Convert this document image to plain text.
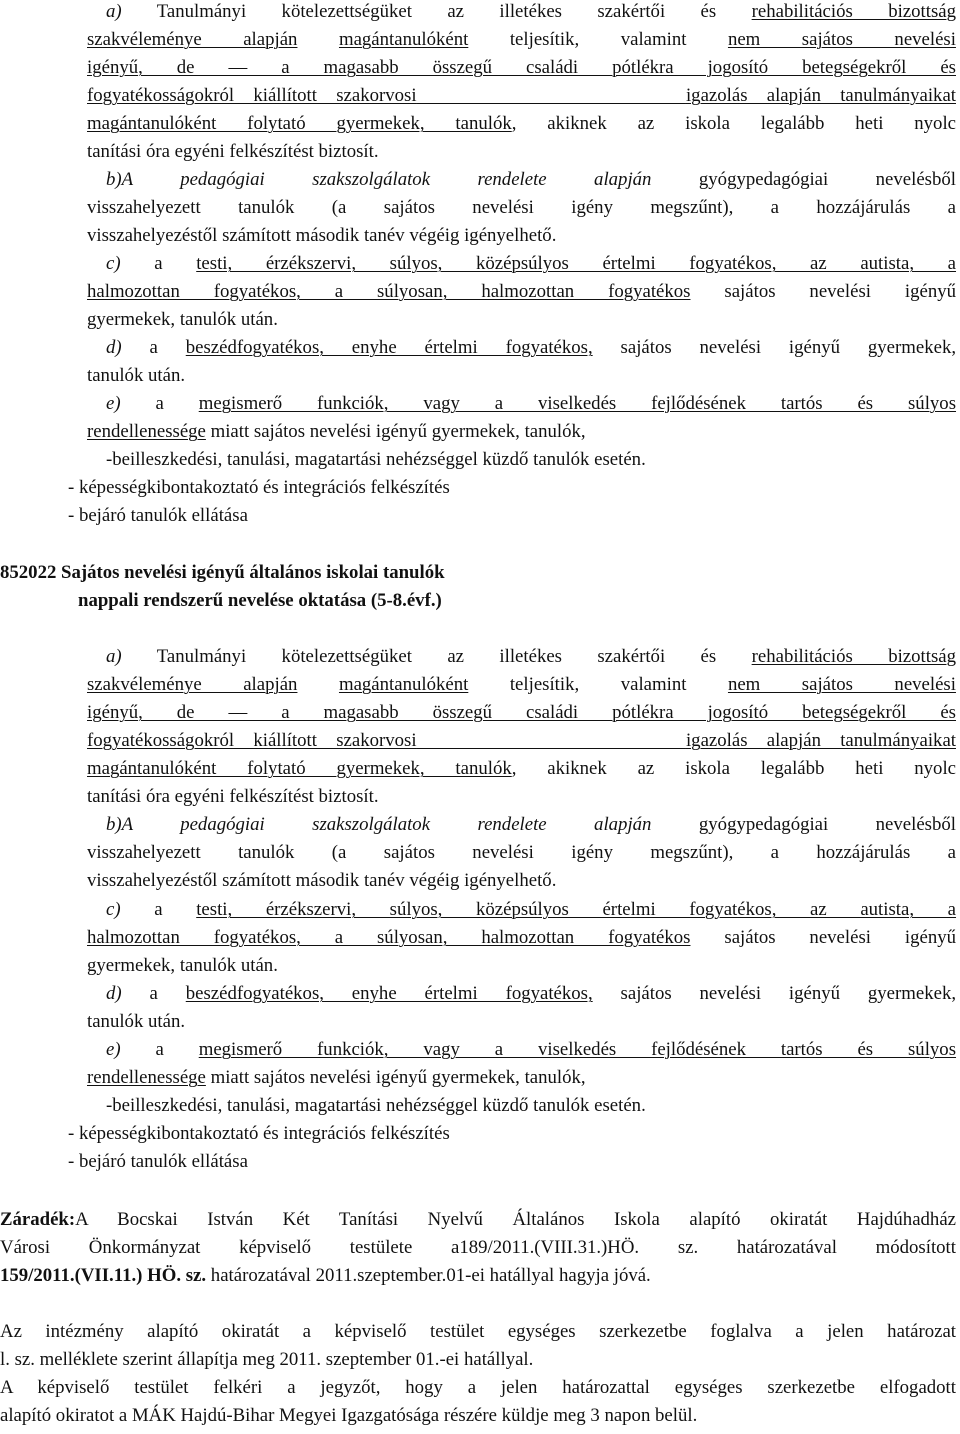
a) Tanulmányi kötelezettségüket az illetékes szakértői és rehabilitációs bizottság

szakvéleménye alapján magántanulóként teljesítik, valamint nem sajátos nevelési

igényű, de — a magasabb összegű családi pótlékra jogosító betegségekről és

fogyatékosságokról kiállított szakorvosi	igazolás alapján tanulmányaikat

magántanulóként folytató gyermekek, tanulók, akiknek az iskola legalább heti nyolc

tanítási óra egyéni felkészítést biztosít.

b)A pedagógiai szakszolgálatok rendelete alapján	gyógypedagógiai nevelésből

visszahelyezett tanulók (a sajátos nevelési igény megszűnt), a hozzájárulás a

visszahelyezéstől számított második tanév végéig igényelhető.

c) a testi, érzékszervi, súlyos, középsúlyos értelmi fogyatékos, az autista, a

halmozottan fogyatékos, a súlyosan, halmozottan fogyatékos sajátos nevelési igényű

gyermekek, tanulók után.

d) a beszédfogyatékos, enyhe értelmi fogyatékos, sajátos nevelési igényű gyermekek,

tanulók után.

e) a megismerő funkciók, vagy a viselkedés fejlődésének tartós és súlyos

rendellenessége miatt sajátos nevelési igényű gyermekek, tanulók,

-beilleszkedési, tanulási, magatartási nehézséggel küzdő tanulók esetén.

- képességkibontakoztató és integrációs felkészítés

- bejáró tanulók ellátása

852022 Sajátos nevelési igényű általános iskolai tanulók

nappali rendszerű nevelése oktatása (5-8.évf.)

a) Tanulmányi kötelezettségüket az illetékes szakértői és rehabilitációs bizottság

szakvéleménye alapján magántanulóként teljesítik, valamint nem sajátos nevelési

igényű, de — a magasabb összegű családi pótlékra jogosító betegségekről és

fogyatékosságokról kiállított szakorvosi	igazolás alapján tanulmányaikat

magántanulóként folytató gyermekek, tanulók, akiknek az iskola legalább heti nyolc

tanítási óra egyéni felkészítést biztosít.

b)A pedagógiai szakszolgálatok rendelete alapján	gyógypedagógiai nevelésből

visszahelyezett tanulók (a sajátos nevelési igény megszűnt), a hozzájárulás a

visszahelyezéstől számított második tanév végéig igényelhető.

c) a testi, érzékszervi, súlyos, középsúlyos értelmi fogyatékos, az autista, a

halmozottan fogyatékos, a súlyosan, halmozottan fogyatékos sajátos nevelési igényű

gyermekek, tanulók után.

d) a beszédfogyatékos, enyhe értelmi fogyatékos, sajátos nevelési igényű gyermekek,

tanulók után.

e) a megismerő funkciók, vagy a viselkedés fejlődésének tartós és súlyos

rendellenessége miatt sajátos nevelési igényű gyermekek, tanulók,

-beilleszkedési, tanulási, magatartási nehézséggel küzdő tanulók esetén.

- képességkibontakoztató és integrációs felkészítés

- bejáró tanulók ellátása

Záradék:A Bocskai István Két Tanítási Nyelvű Általános Iskola alapító okiratát Hajdúhadház

Városi Önkormányzat képviselő testülete a189/2011.(VIII.31.)HÖ. sz. határozatával módosított

159/2011.(VII.11.) HÖ. sz. határozatával 2011.szeptember.01-ei hatállyal hagyja jóvá.

Az intézmény alapító okiratát a képviselő testület egységes szerkezetbe foglalva a jelen határozat

l. sz. melléklete szerint állapítja meg 2011. szeptember 01.-ei hatállyal.

A képviselő testület felkéri a jegyzőt, hogy a jelen határozattal egységes szerkezetbe elfogadott

alapító okiratot a MÁK Hajdú-Bihar Megyei Igazgatósága részére küldje meg 3 napon belül.
